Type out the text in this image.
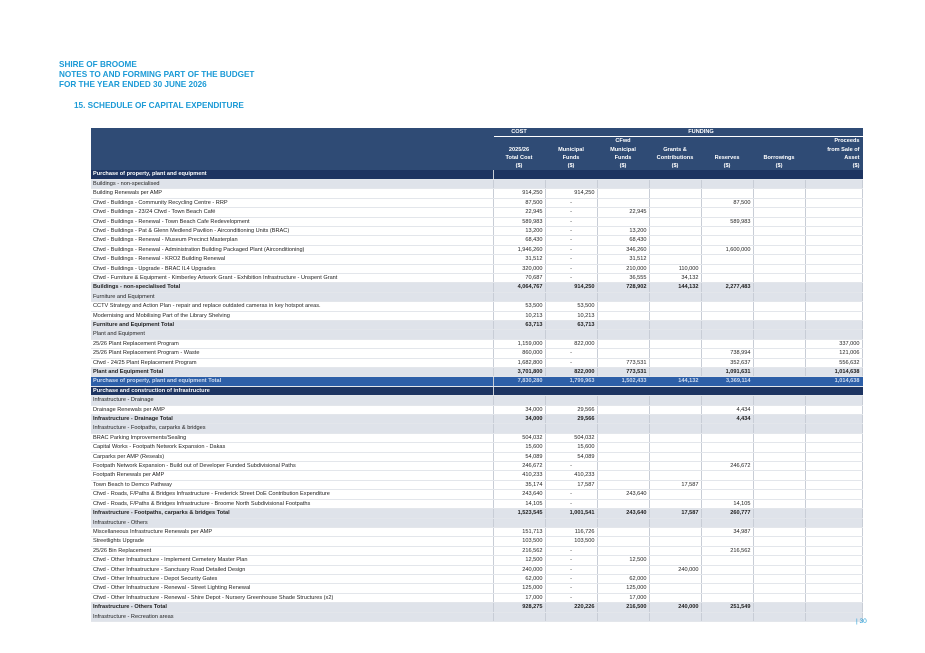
SHIRE OF BROOME
NOTES TO AND FORMING PART OF THE BUDGET
FOR THE YEAR ENDED 30 JUNE 2026
15. SCHEDULE OF CAPITAL EXPENDITURE
	COST			FUNDING			
			CFwd				Proceeds
	2025/26	Municipal	Municipal	Grants &			from Sale of
	Total Cost	Funds	Funds	Contributions	Reserves	Borrowings	Asset
	($)	($)	($)	($)	($)	($)	($)
Purchase of property, plant and equipment							
Buildings - non-specialised							
Building Renewals per AMP	914,250	914,250					
Cfwd - Buildings - Community Recycling Centre - RRP	87,500	-			87,500		
Cfwd - Buildings - 23/24 Cfwd - Town Beach Café	22,945	-	22,945				
Cfwd - Buildings - Renewal - Town Beach Cafe Redevelopment	589,983	-			589,983		
Cfwd - Buildings - Pat & Glenn Medlend Pavilion - Airconditioning Units (BRAC)	13,200	-	13,200				
Cfwd - Buildings - Renewal - Museum Precinct Masterplan	68,430	-	68,430				
Cfwd - Buildings - Renewal - Administration Building Packaged Plant (Airconditioning)	1,946,260	-	346,260		1,600,000		
Cfwd - Buildings - Renewal - KRO2 Building Renewal	31,512	-	31,512				
Cfwd - Buildings - Upgrade - BRAC IL4 Upgrades	320,000	-	210,000	110,000			
Cfwd - Furniture & Equipment - Kimberley Artwork Grant - Exhibition Infrastructure - Unspent Grant	70,687	-	36,555	34,132			
Buildings - non-specialised Total	4,064,767	914,250	728,902	144,132	2,277,483		
Furniture and Equipment							
CCTV Strategy and Action Plan - repair and replace outdated cameras in key hotspot areas.	53,500	53,500					
Modernising and Mobilising Part of the Library Shelving	10,213	10,213					
Furniture and Equipment Total	63,713	63,713					
Plant and Equipment							
25/26 Plant Replacement Program	1,159,000	822,000					337,000
25/26 Plant Replacement Program - Waste	860,000	-			738,994		121,006
Cfwd - 24/25 Plant Replacement Program	1,682,800	-	773,531		352,637		556,632
Plant and Equipment Total	3,701,800	822,000	773,531		1,091,631		1,014,638
Purchase of property, plant and equipment Total	7,830,280	1,799,963	1,502,433	144,132	3,369,114		1,014,638
Purchase and construction of infrastructure							
Infrastructure - Drainage							
Drainage Renewals per AMP	34,000	29,566			4,434		
Infrastructure - Drainage Total	34,000	29,566			4,434		
Infrastructure - Footpaths, carparks & bridges							
BRAC Parking Improvements/Sealing	504,032	504,032					
Capital Works - Footpath Network Expansion - Dakas	15,600	15,600					
Carparks per AMP (Reseals)	54,089	54,089					
Footpath Network Expansion - Build out of Developer Funded Subdivisional Paths	246,672	-			246,672		
Footpath Renewals per AMP	410,233	410,233					
Town Beach to Demco Pathway	35,174	17,587		17,587			
Cfwd - Roads, F/Paths & Bridges Infrastructure - Frederick Street DoE Contribution Expenditure	243,640	-	243,640				
Cfwd - Roads, F/Paths & Bridges Infrastructure - Broome North Subdivisional Footpaths	14,105	-			14,105		
Infrastructure - Footpaths, carparks & bridges Total	1,523,545	1,001,541	243,640	17,587	260,777		
Infrastructure - Others							
Miscellaneous Infrastructure Renewals per AMP	151,713	116,726			34,987		
Streetlights Upgrade	103,500	103,500					
25/26 Bin Replacement	216,562	-			216,562		
Cfwd - Other Infrastructure - Implement Cemetery Master Plan	12,500	-	12,500				
Cfwd - Other Infrastructure - Sanctuary Road Detailed Design	240,000	-		240,000			
Cfwd - Other Infrastructure - Depot Security Gates	62,000	-	62,000				
Cfwd - Other Infrastructure - Renewal - Street Lighting Renewal	125,000	-	125,000				
Cfwd - Other Infrastructure - Renewal - Shire Depot - Nursery Greenhouse Shade Structures (x2)	17,000	-	17,000				
Infrastructure - Others Total	928,275	220,226	216,500	240,000	251,549		
Infrastructure - Recreation areas							
| 30
